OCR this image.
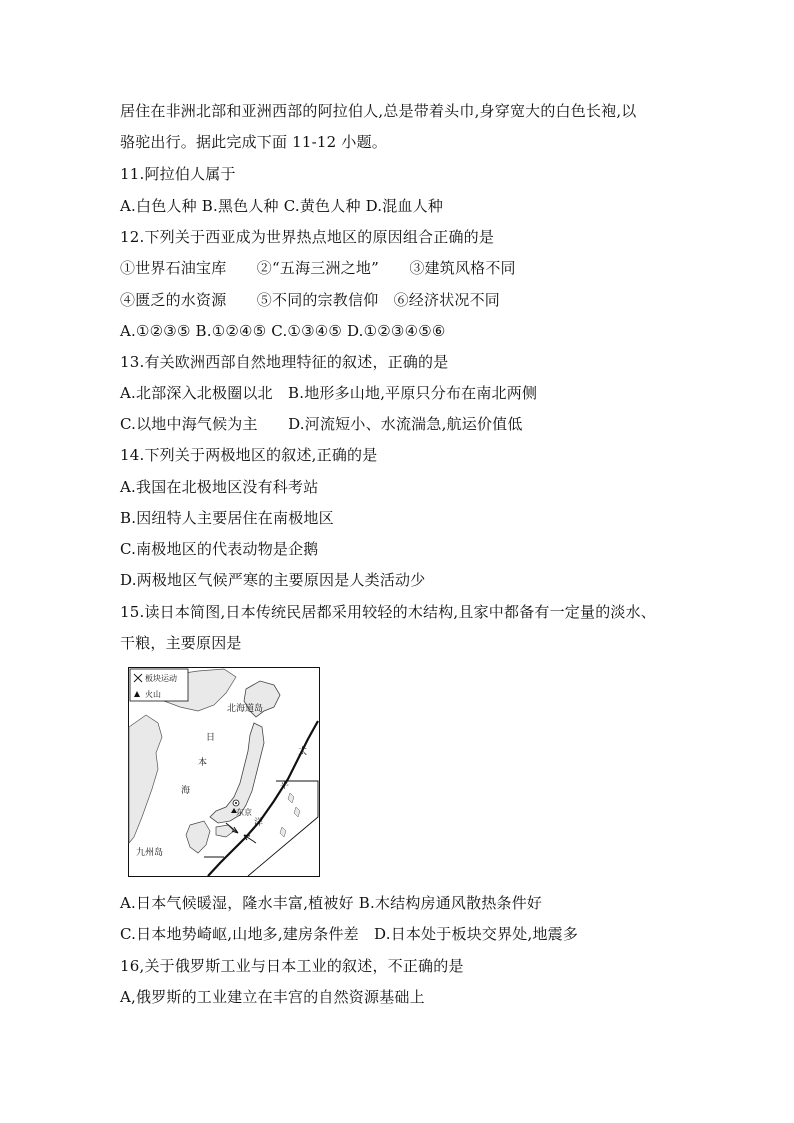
居住在非洲北部和亚洲西部的阿拉伯人,总是带着头巾,身穿宽大的白色长袍,以
骆驼出行。据此完成下面 11-12 小题。
11.阿拉伯人属于
A.白色人种 B.黑色人种 C.黄色人种 D.混血人种
12.下列关于西亚成为世界热点地区的原因组合正确的是
①世界石油宝库　　②“五海三洲之地”　　③建筑风格不同
④匮乏的水资源　　⑤不同的宗教信仰　⑥经济状况不同
A.①②③⑤ B.①②④⑤ C.①③④⑤ D.①②③④⑤⑥
13.有关欧洲西部自然地理特征的叙述，正确的是
A.北部深入北极圈以北　B.地形多山地,平原只分布在南北两侧
C.以地中海气候为主　　D.河流短小、水流湍急,航运价值低
14.下列关于两极地区的叙述,正确的是
A.我国在北极地区没有科考站
B.因纽特人主要居住在南极地区
C.南极地区的代表动物是企鹅
D.两极地区气候严寒的主要原因是人类活动少
15.读日本简图,日本传统民居都采用较轻的木结构,且家中都备有一定量的淡水、
干粮，主要原因是
板块运动
火山
北海道岛
日
本
海
太
平
洋
东京
九州岛
A.日本气候暖湿，隆水丰富,植被好 B.木结构房通风散热条件好
C.日本地势崎岖,山地多,建房条件差　D.日本处于板块交界处,地震多
16,关于俄罗斯工业与日本工业的叙述，不正确的是
A,俄罗斯的工业建立在丰宫的自然资源基础上
